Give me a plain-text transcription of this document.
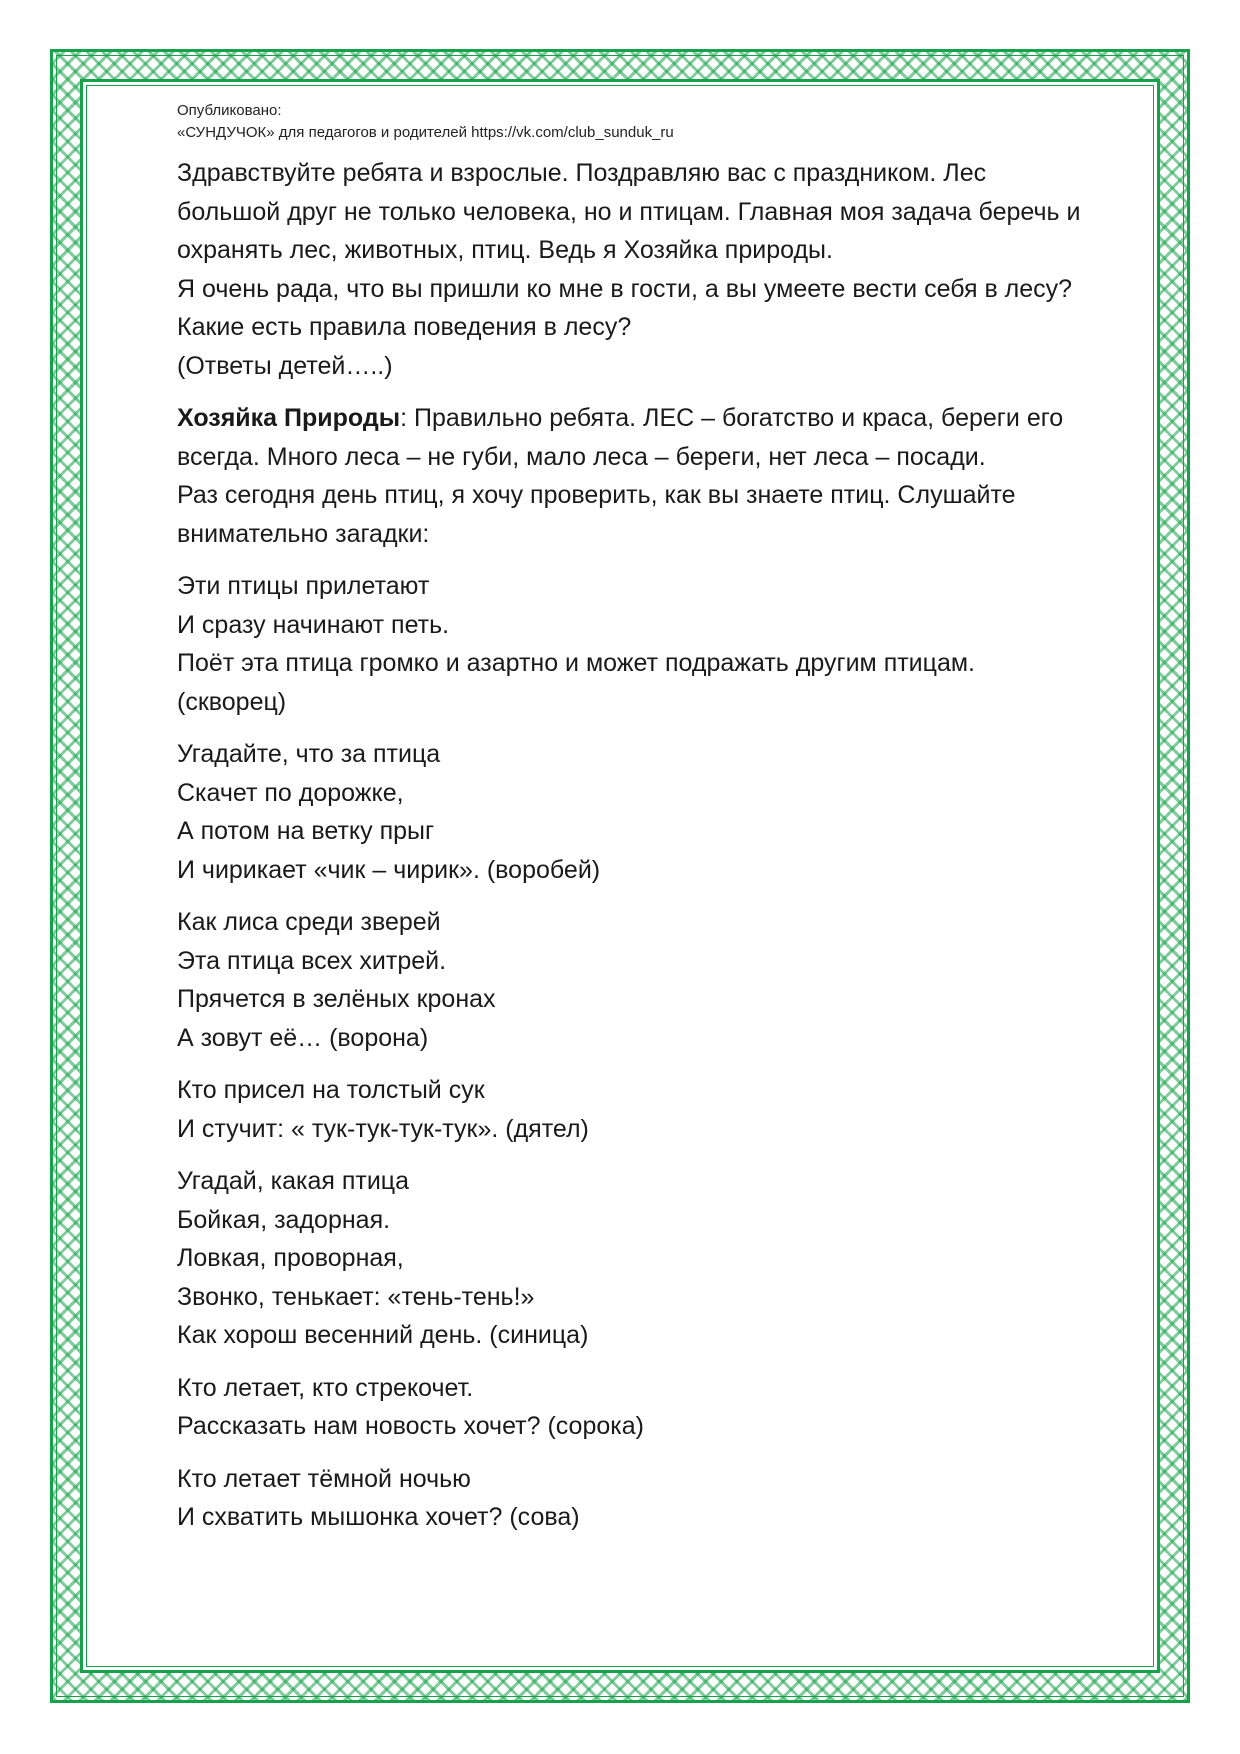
Опубликовано:
«СУНДУЧОК» для педагогов и родителей https://vk.com/club_sunduk_ru
Здравствуйте ребята и взрослые. Поздравляю вас с праздником. Лес
большой друг не только человека, но и птицам. Главная моя задача беречь и
охранять лес, животных, птиц. Ведь я Хозяйка природы.
Я очень рада, что вы пришли ко мне в гости, а вы умеете вести себя в лесу?
Какие есть правила поведения в лесу?
(Ответы детей…..)
Хозяйка Природы: Правильно ребята. ЛЕС – богатство и краса, береги его
всегда. Много леса – не губи, мало леса – береги, нет леса – посади.
Раз сегодня день птиц, я хочу проверить, как вы знаете птиц. Слушайте
внимательно загадки:
Эти птицы прилетают
И сразу начинают петь.
Поёт эта птица громко и азартно и может подражать другим птицам.
(скворец)
Угадайте, что за птица
Скачет по дорожке,
А потом на ветку прыг
И чирикает «чик – чирик». (воробей)
Как лиса среди зверей
Эта птица всех хитрей.
Прячется в зелёных кронах
А зовут её… (ворона)
Кто присел на толстый сук
И стучит: « тук-тук-тук-тук». (дятел)
Угадай, какая птица
Бойкая, задорная.
Ловкая, проворная,
Звонко, тенькает: «тень-тень!»
Как хорош весенний день. (синица)
Кто летает, кто стрекочет.
Рассказать нам новость хочет? (сорока)
Кто летает тёмной ночью
И схватить мышонка хочет? (сова)
